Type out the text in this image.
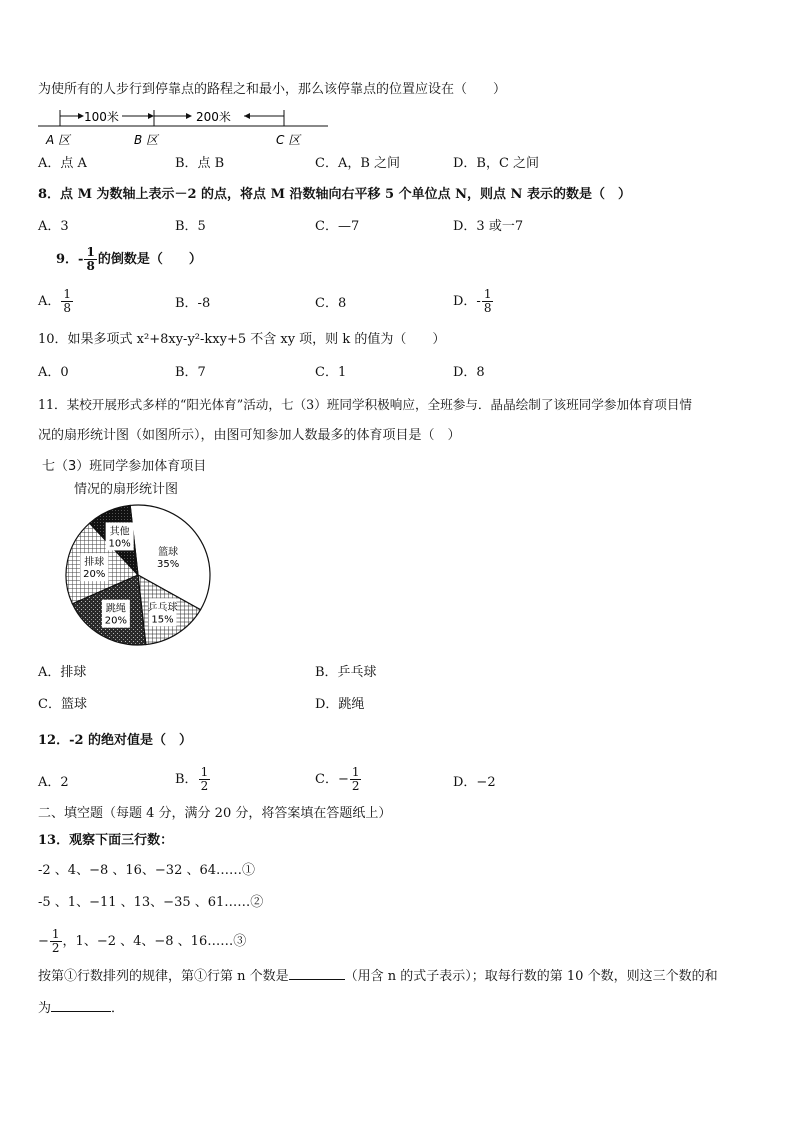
为使所有的人步行到停靠点的路程之和最小，那么该停靠点的位置应设在（　　）
100米	200米
A 区	B 区	C 区
A．点 A	B．点 B	C．A，B 之间	D．B，C 之间
8．点 M 为数轴上表示－2 的点，将点 M 沿数轴向右平移 5 个单位点 N，则点 N 表示的数是（　）
A．3	B．5	C．—7	D．3 或一7
9．- $\frac{1}{8}$ 的倒数是（　　）
A． $\frac{1}{8}$	B．-8	C．8	D．- $\frac{1}{8}$
10．如果多项式 x²+8xy-y²-kxy+5 不含 xy 项，则 k 的值为（　　）
A．0	B．7	C．1	D．8
11．某校开展形式多样的“阳光体育”活动，七（3）班同学积极响应，全班参与．晶晶绘制了该班同学参加体育项目情
况的扇形统计图（如图所示），由图可知参加人数最多的体育项目是（　）
七（3）班同学参加体育项目
情况的扇形统计图
篮球
35%
乒乓球
15%
跳绳
20%
排球
20%
其他
10%
A．排球	B．乒乓球
C．篮球	D．跳绳
12．-2 的绝对值是（　）
A．2	B． $\frac{1}{2}$	C．− $\frac{1}{2}$	D．−2
二、填空题（每题 4 分，满分 20 分，将答案填在答题纸上）
13．观察下面三行数：
-2 、4、−8 、16、−32 、64……①
-5 、1、−11 、13、−35 、61……②
− $\frac{1}{2}$ ，1、−2 、4、−8 、16……③
按第①行数排列的规律，第①行第 n 个数是	（用含 n 的式子表示）；取每行数的第 10 个数，则这三个数的和
为	．
